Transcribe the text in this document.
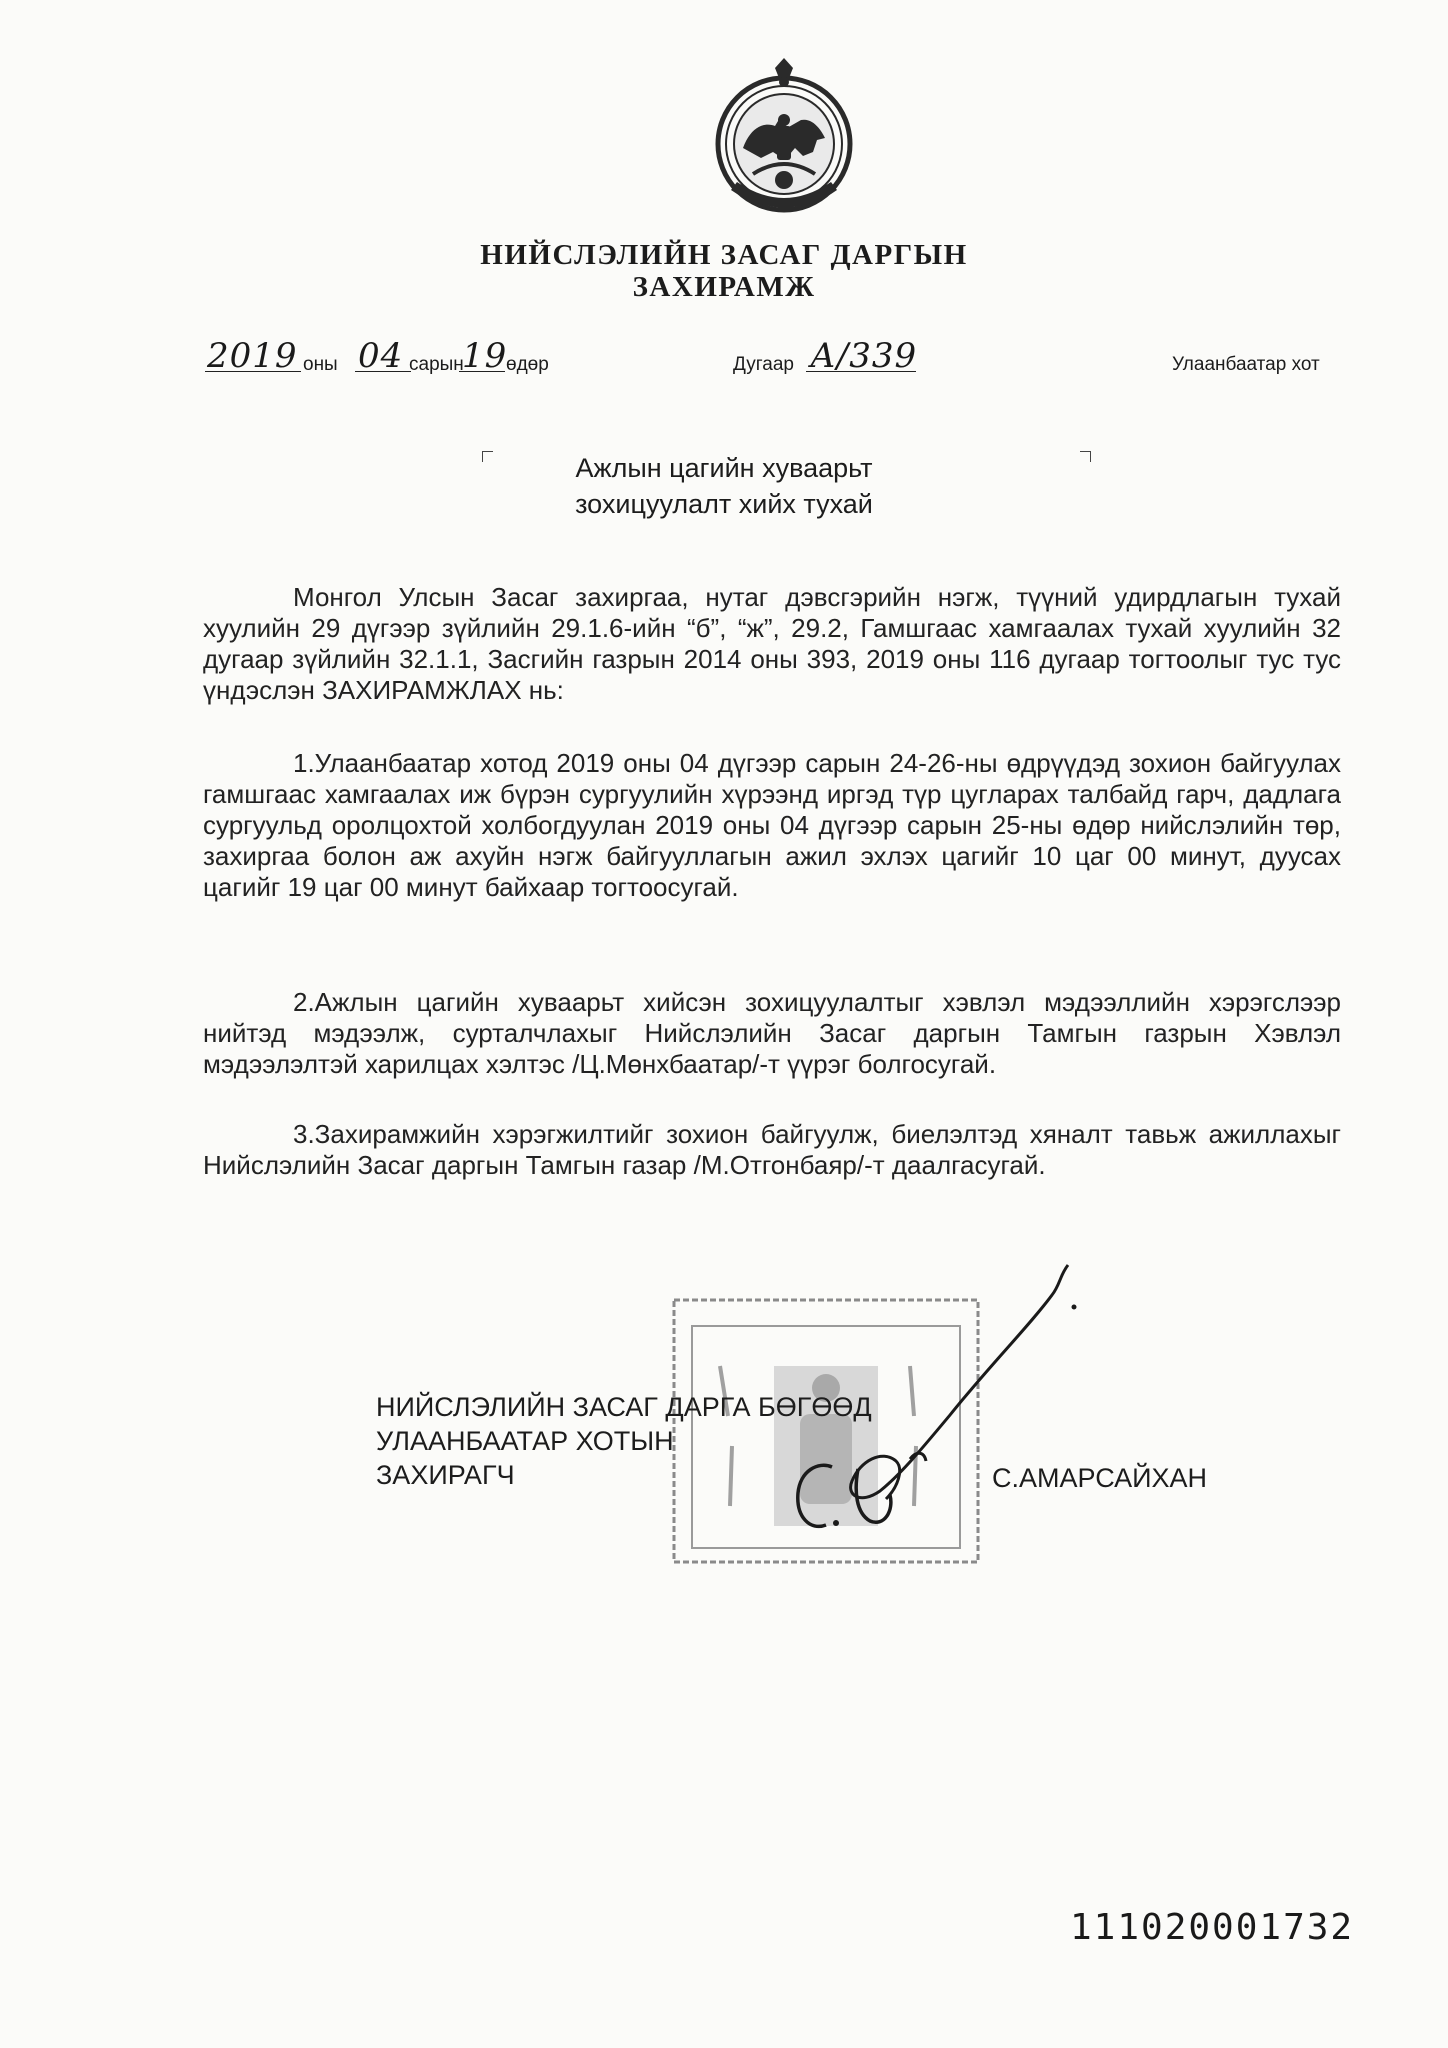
НИЙСЛЭЛИЙН ЗАСАГ ДАРГЫН
ЗАХИРАМЖ
2019 оны 04 сарын
19
өдөр	Дугаар А/339	Улаанбаатар хот
Ажлын цагийн хуваарьт
зохицуулалт хийх тухай

Монгол Улсын Засаг захиргаа, нутаг дэвсгэрийн нэгж, түүний удирдлагын тухай хуулийн 29 дүгээр зүйлийн 29.1.6-ийн “б”, “ж”, 29.2, Гамшгаас хамгаалах тухай хуулийн 32 дугаар зүйлийн 32.1.1, Засгийн газрын 2014 оны 393, 2019 оны 116 дугаар тогтоолыг тус тус үндэслэн ЗАХИРАМЖЛАХ нь:

1.Улаанбаатар хотод 2019 оны 04 дүгээр сарын 24-26-ны өдрүүдэд зохион байгуулах гамшгаас хамгаалах иж бүрэн сургуулийн хүрээнд иргэд түр цугларах талбайд гарч, дадлага сургуульд оролцохтой холбогдуулан 2019 оны 04 дүгээр сарын 25-ны өдөр нийслэлийн төр, захиргаа болон аж ахуйн нэгж байгууллагын ажил эхлэх цагийг 10 цаг 00 минут, дуусах цагийг 19 цаг 00 минут байхаар тогтоосугай.

2.Ажлын цагийн хуваарьт хийсэн зохицуулалтыг хэвлэл мэдээллийн хэрэгслээр нийтэд мэдээлж, сурталчлахыг Нийслэлийн Засаг даргын Тамгын газрын Хэвлэл мэдээлэлтэй харилцах хэлтэс /Ц.Мөнхбаатар/-т үүрэг болгосугай.

3.Захирамжийн хэрэгжилтийг зохион байгуулж, биелэлтэд хяналт тавьж ажиллахыг Нийслэлийн Засаг даргын Тамгын газар /М.Отгонбаяр/-т даалгасугай.

НИЙСЛЭЛИЙН ЗАСАГ ДАРГА БӨГӨӨД
УЛААНБААТАР ХОТЫН
ЗАХИРАГЧ	С.АМАРСАЙХАН
111020001732
